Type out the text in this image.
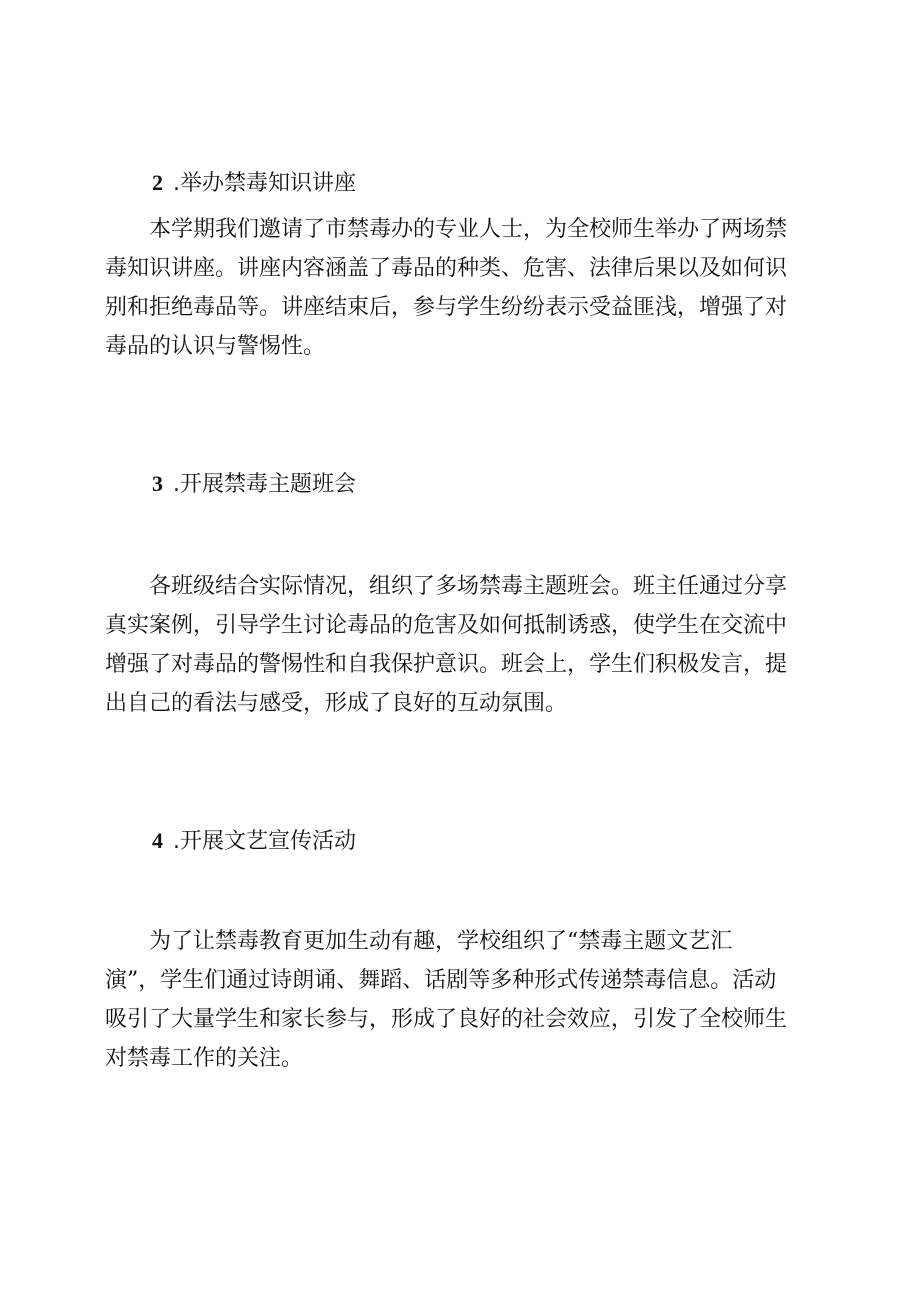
2 .举办禁毒知识讲座
本学期我们邀请了市禁毒办的专业人士，为全校师生举办了两场禁
毒知识讲座。讲座内容涵盖了毒品的种类、危害、法律后果以及如何识
别和拒绝毒品等。讲座结束后，参与学生纷纷表示受益匪浅，增强了对
毒品的认识与警惕性。
3 .开展禁毒主题班会
各班级结合实际情况，组织了多场禁毒主题班会。班主任通过分享
真实案例，引导学生讨论毒品的危害及如何抵制诱惑，使学生在交流中
增强了对毒品的警惕性和自我保护意识。班会上，学生们积极发言，提
出自己的看法与感受，形成了良好的互动氛围。
4 .开展文艺宣传活动
为了让禁毒教育更加生动有趣，学校组织了“禁毒主题文艺汇
演”，学生们通过诗朗诵、舞蹈、话剧等多种形式传递禁毒信息。活动
吸引了大量学生和家长参与，形成了良好的社会效应，引发了全校师生
对禁毒工作的关注。
